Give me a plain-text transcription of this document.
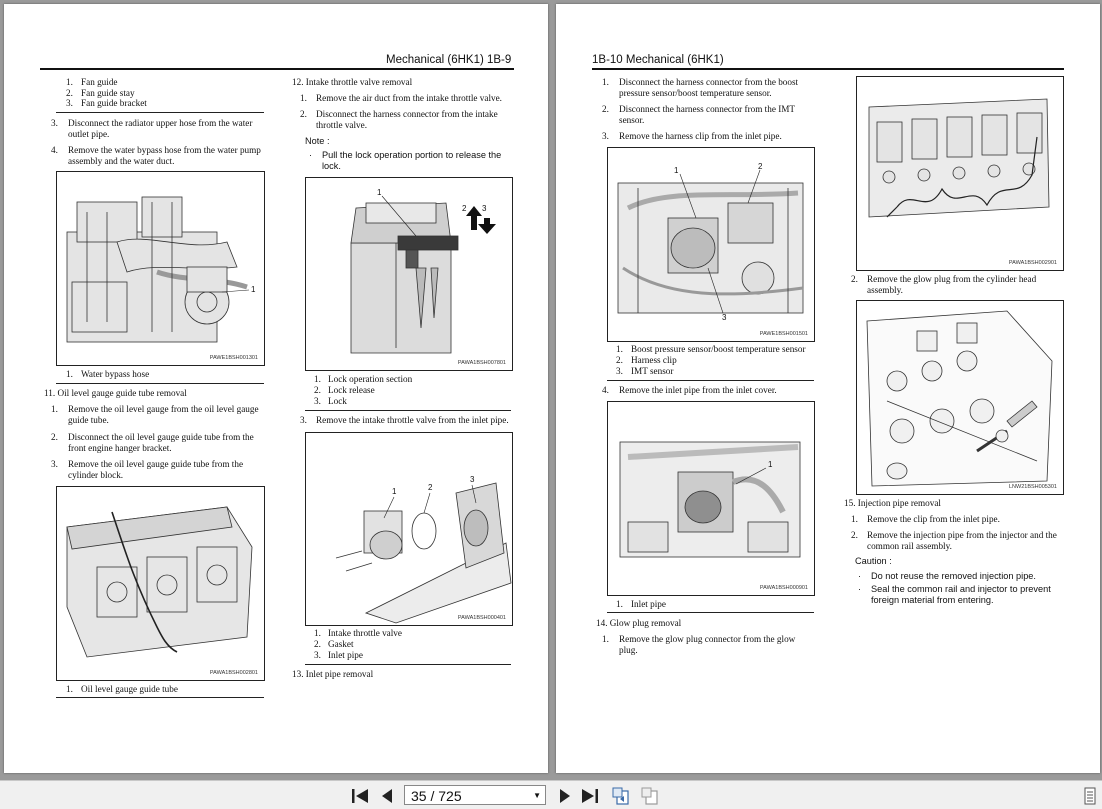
Mechanical (6HK1) 1B-9
1. Fan guide
2. Fan guide stay
3. Fan guide bracket
3. Disconnect the radiator upper hose from the water
outlet pipe.
4. Remove the water bypass hose from the water pump
assembly and the water duct.
1
PAWE1BSH001301
1. Water bypass hose
11. Oil level gauge guide tube removal
1. Remove the oil level gauge from the oil level gauge
guide tube.
2. Disconnect the oil level gauge guide tube from the
front engine hanger bracket.
3. Remove the oil level gauge guide tube from the
cylinder block.
PAWA1BSH002801
1. Oil level gauge guide tube
12. Intake throttle valve removal
1. Remove the air duct from the intake throttle valve.
2. Disconnect the harness connector from the intake
throttle valve.
Note :
· Pull the lock operation portion to release the
lock.
1
2 3
PAWA1BSH007801
1. Lock operation section
2. Lock release
3. Lock
3. Remove the intake throttle valve from the inlet pipe.
1	2
3
PAWA1BSH000401
1. Intake throttle valve
2. Gasket
3. Inlet pipe
13. Inlet pipe removal
1B-10 Mechanical (6HK1)
1. Disconnect the harness connector from the boost
pressure sensor/boost temperature sensor.
2. Disconnect the harness connector from the IMT
sensor.
3. Remove the harness clip from the inlet pipe.
1	2
3
PAWE1BSH001501
1. Boost pressure sensor/boost temperature sensor
2. Harness clip
3. IMT sensor
4. Remove the inlet pipe from the inlet cover.
1
PAWA1BSH000901
1. Inlet pipe
14. Glow plug removal
1. Remove the glow plug connector from the glow
plug.
PAWA1BSH002901
2. Remove the glow plug from the cylinder head
assembly.
LNW21BSH005301
15. Injection pipe removal
1. Remove the clip from the inlet pipe.
2. Remove the injection pipe from the injector and the
common rail assembly.
Caution :
· Do not reuse the removed injection pipe.
· Seal the common rail and injector to prevent
foreign material from entering.
35 / 725	▼
